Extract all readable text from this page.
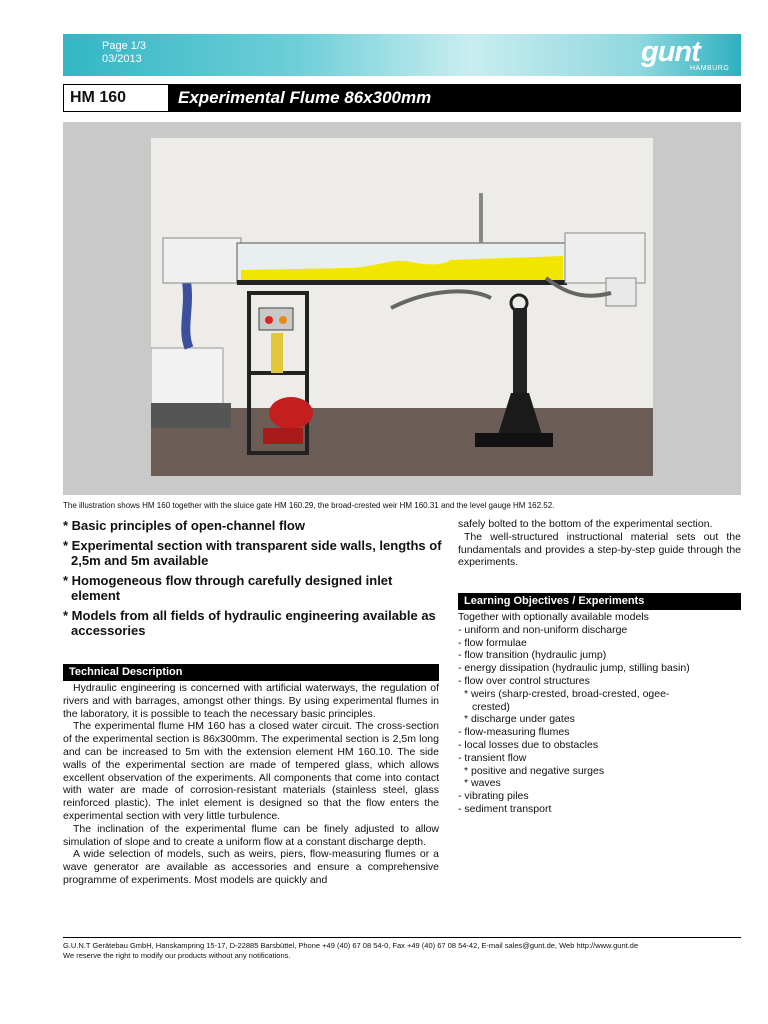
Page 1/3
03/2013	gunt
HAMBURG
HM 160	Experimental Flume 86x300mm
The illustration shows HM 160 together with the sluice gate HM 160.29, the broad-crested weir HM 160.31 and the level gauge HM 162.52.
* Basic principles of open-channel flow
* Experimental section with transparent side walls, lengths of 2,5m and 5m available
* Homogeneous flow through carefully designed inlet element
* Models from all fields of hydraulic engineering available as accessories
Technical Description

Hydraulic engineering is concerned with artificial waterways, the regulation of rivers and with barrages, amongst other things. By using experimental flumes in the laboratory, it is possible to teach the necessary basic principles.

The experimental flume HM 160 has a closed water circuit. The cross-section of the experimental section is 86x300mm. The experimental section is 2,5m long and can be increased to 5m with the extension element HM 160.10. The side walls of the experimental section are made of tempered glass, which allows excellent observation of the experiments. All components that come into contact with water are made of corrosion-resistant materials (stainless steel, glass reinforced plastic). The inlet element is designed so that the flow enters the experimental section with very little turbulence.

The inclination of the experimental flume can be finely adjusted to allow simulation of slope and to create a uniform flow at a constant discharge depth.

A wide selection of models, such as weirs, piers, flow-measuring flumes or a wave generator are available as accessories and ensure a comprehensive programme of experiments. Most models are quickly and

safely bolted to the bottom of the experimental section.

The well-structured instructional material sets out the fundamentals and provides a step-by-step guide through the experiments.

Learning Objectives / Experiments
Together with optionally available models
- uniform and non-uniform discharge
- flow formulae
- flow transition (hydraulic jump)
- energy dissipation (hydraulic jump, stilling basin)
- flow over control structures
* weirs (sharp-crested, broad-crested, ogee-
crested)
* discharge under gates
- flow-measuring flumes
- local losses due to obstacles
- transient flow
* positive and negative surges
* waves
- vibrating piles
- sediment transport
G.U.N.T Gerätebau GmbH, Hanskampring 15-17, D-22885 Barsbüttel, Phone +49 (40) 67 08 54-0, Fax +49 (40) 67 08 54-42, E-mail sales@gunt.de, Web http://www.gunt.de
We reserve the right to modify our products without any notifications.
